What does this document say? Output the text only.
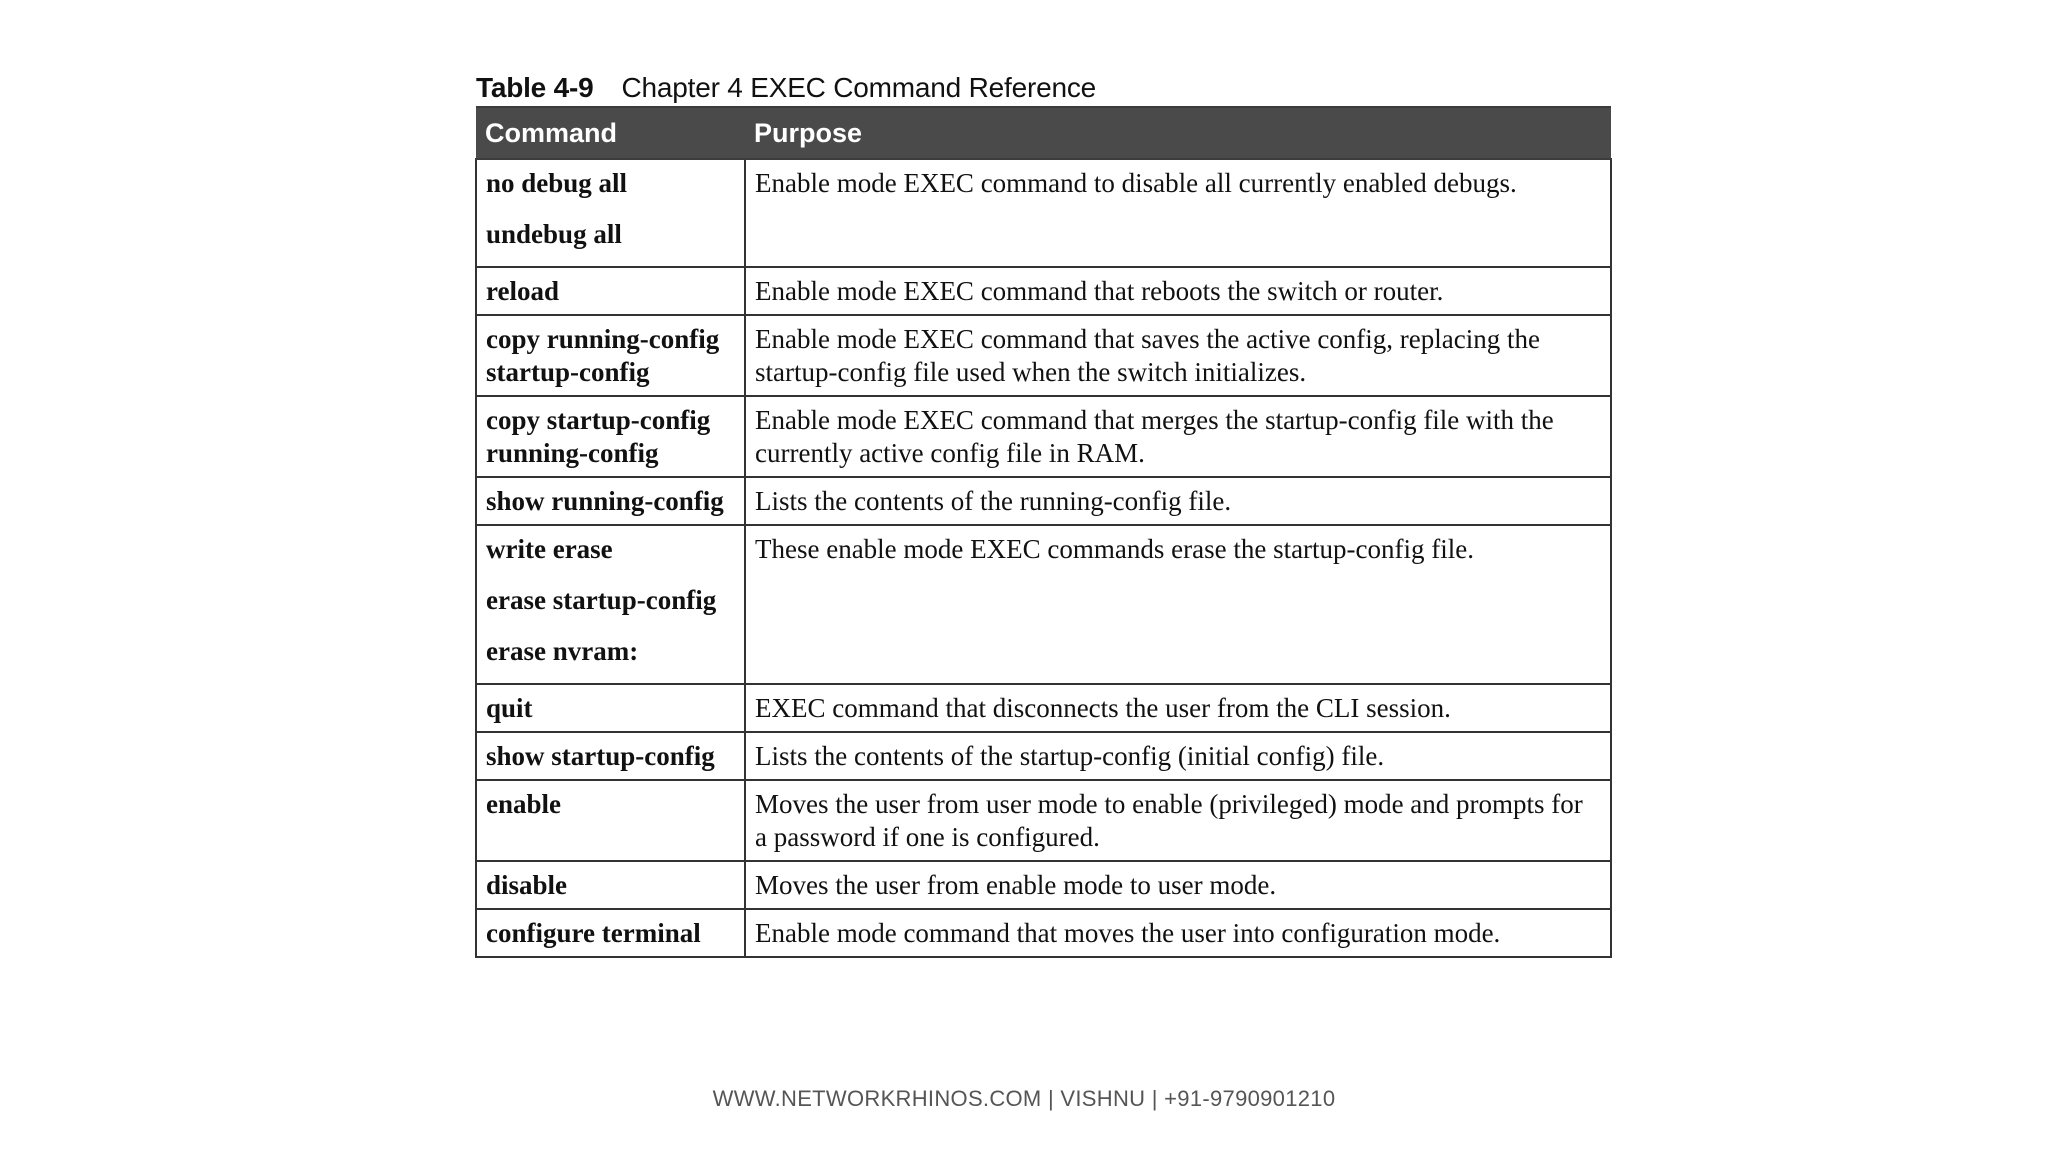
Table 4-9 Chapter 4 EXEC Command Reference
Command	Purpose

no debug all
undebug all	Enable mode EXEC command to disable all currently enabled debugs.

reload	Enable mode EXEC command that reboots the switch or router.

copy running-config
startup-config	Enable mode EXEC command that saves the active config, replacing the startup-config file used when the switch initializes.

copy startup-config
running-config	Enable mode EXEC command that merges the startup-config file with the currently active config file in RAM.

show running-config	Lists the contents of the running-config file.

write erase
erase startup-config
erase nvram:	These enable mode EXEC commands erase the startup-config file.

quit	EXEC command that disconnects the user from the CLI session.

show startup-config	Lists the contents of the startup-config (initial config) file.

enable	Moves the user from user mode to enable (privileged) mode and prompts for a password if one is configured.

disable	Moves the user from enable mode to user mode.

configure terminal	Enable mode command that moves the user into configuration mode.
WWW.NETWORKRHINOS.COM | VISHNU | +91-9790901210
